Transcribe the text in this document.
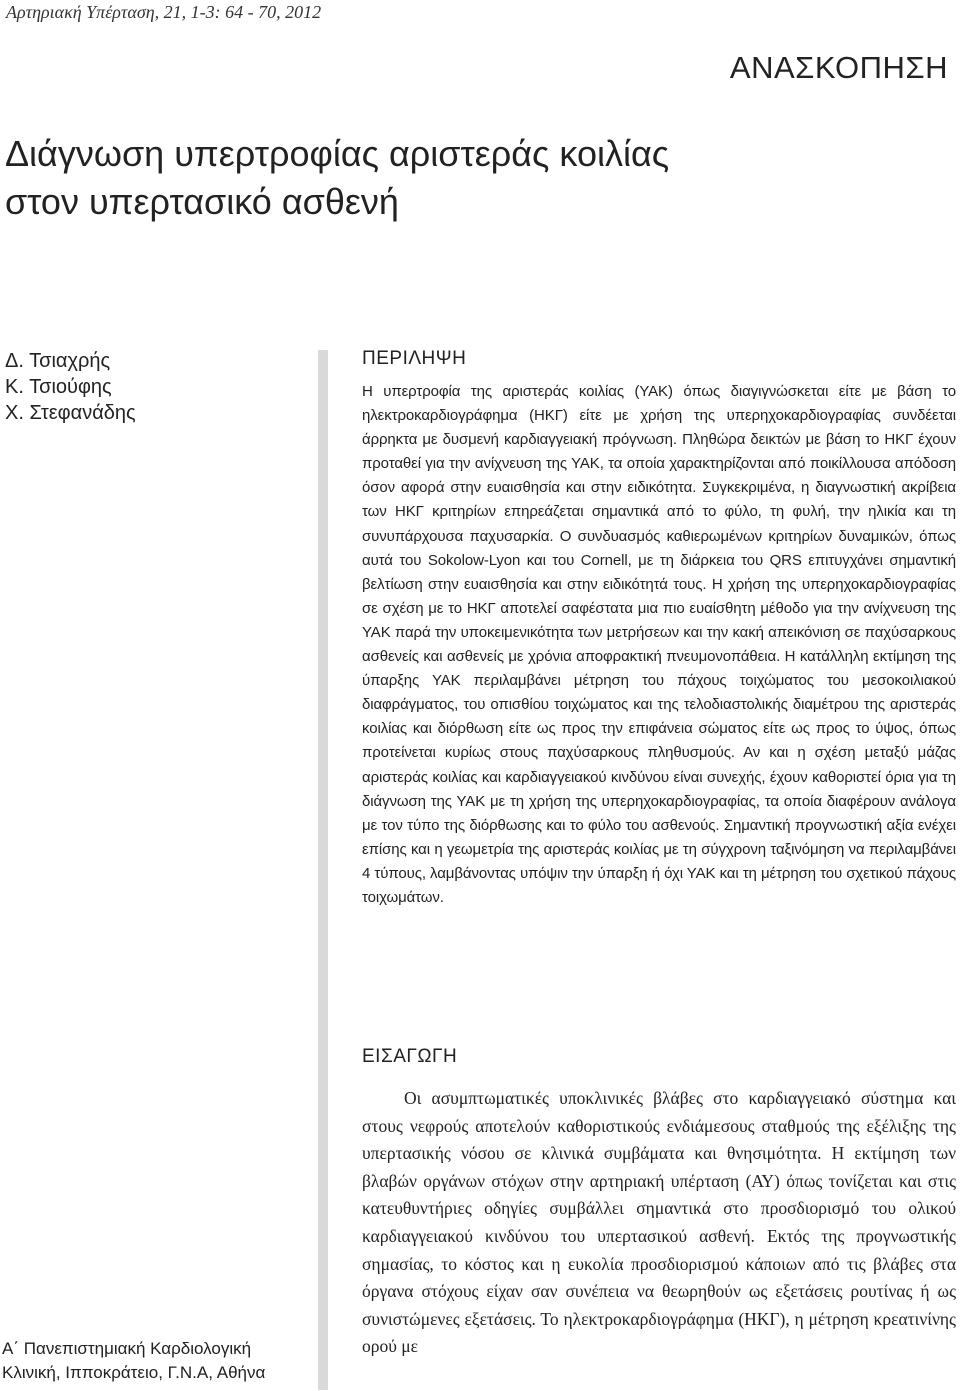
Αρτηριακή Υπέρταση, 21, 1-3: 64 - 70, 2012
ΑΝΑΣΚΟΠΗΣΗ
Διάγνωση υπερτροφίας αριστεράς κοιλίας
στον υπερτασικό ασθενή
Δ. Τσιαχρής
Κ. Τσιούφης
Χ. Στεφανάδης
ΠΕΡΙΛΗΨΗ

Η υπερτροφία της αριστεράς κοιλίας (ΥΑΚ) όπως διαγιγνώσκεται είτε με βάση το ηλεκτροκαρδιογράφημα (ΗΚΓ) είτε με χρήση της υπερηχοκαρδιογραφίας συνδέεται άρρηκτα με δυσμενή καρδιαγγειακή πρόγνωση. Πληθώρα δεικτών με βάση το ΗΚΓ έχουν προταθεί για την ανίχνευση της ΥΑΚ, τα οποία χαρακτηρίζονται από ποικίλλουσα απόδοση όσον αφορά στην ευαισθησία και στην ειδικότητα. Συγκεκριμένα, η διαγνωστική ακρίβεια των ΗΚΓ κριτηρίων επηρεάζεται σημαντικά από το φύλο, τη φυλή, την ηλικία και τη συνυπάρχουσα παχυσαρκία. Ο συνδυασμός καθιερωμένων κριτηρίων δυναμικών, όπως αυτά του Sokolow-Lyon και του Cornell, με τη διάρκεια του QRS επιτυγχάνει σημαντική βελτίωση στην ευαισθησία και στην ειδικότητά τους. Η χρήση της υπερηχοκαρδιογραφίας σε σχέση με το ΗΚΓ αποτελεί σαφέστατα μια πιο ευαίσθητη μέθοδο για την ανίχνευση της ΥΑΚ παρά την υποκειμενικότητα των μετρήσεων και την κακή απεικόνιση σε παχύσαρκους ασθενείς και ασθενείς με χρόνια αποφρακτική πνευμονοπάθεια. Η κατάλληλη εκτίμηση της ύπαρξης ΥΑΚ περιλαμβάνει μέτρηση του πάχους τοιχώματος του μεσοκοιλιακού διαφράγματος, του οπισθίου τοιχώματος και της τελοδιαστολικής διαμέτρου της αριστεράς κοιλίας και διόρθωση είτε ως προς την επιφάνεια σώματος είτε ως προς το ύψος, όπως προτείνεται κυρίως στους παχύσαρκους πληθυσμούς. Αν και η σχέση μεταξύ μάζας αριστεράς κοιλίας και καρδιαγγειακού κινδύνου είναι συνεχής, έχουν καθοριστεί όρια για τη διάγνωση της ΥΑΚ με τη χρήση της υπερηχοκαρδιογραφίας, τα οποία διαφέρουν ανάλογα με τον τύπο της διόρθωσης και το φύλο του ασθενούς. Σημαντική προγνωστική αξία ενέχει επίσης και η γεωμετρία της αριστεράς κοιλίας με τη σύγχρονη ταξινόμηση να περιλαμβάνει 4 τύπους, λαμβάνοντας υπόψιν την ύπαρξη ή όχι ΥΑΚ και τη μέτρηση του σχετικού πάχους τοιχωμάτων.

ΕΙΣΑΓΩΓΗ

Οι ασυμπτωματικές υποκλινικές βλάβες στο καρδιαγγειακό σύστημα και στους νεφρούς αποτελούν καθοριστικούς ενδιάμεσους σταθμούς της εξέλιξης της υπερτασικής νόσου σε κλινικά συμβάματα και θνησιμότητα. Η εκτίμηση των βλαβών οργάνων στόχων στην αρτηριακή υπέρταση (ΑΥ) όπως τονίζεται και στις κατευθυντήριες οδηγίες συμβάλλει σημαντικά στο προσδιορισμό του ολικού καρδιαγγειακού κινδύνου του υπερτασικού ασθενή. Εκτός της προγνωστικής σημασίας, το κόστος και η ευκολία προσδιορισμού κάποιων από τις βλάβες στα όργανα στόχους είχαν σαν συνέπεια να θεωρηθούν ως εξετάσεις ρουτίνας ή ως συνιστώμενες εξετάσεις. Το ηλεκτροκαρδιογράφημα (ΗΚΓ), η μέτρηση κρεατινίνης ορού με

Α΄ Πανεπιστημιακή Καρδιολογική
Κλινική, Ιπποκράτειο, Γ.Ν.Α, Αθήνα
